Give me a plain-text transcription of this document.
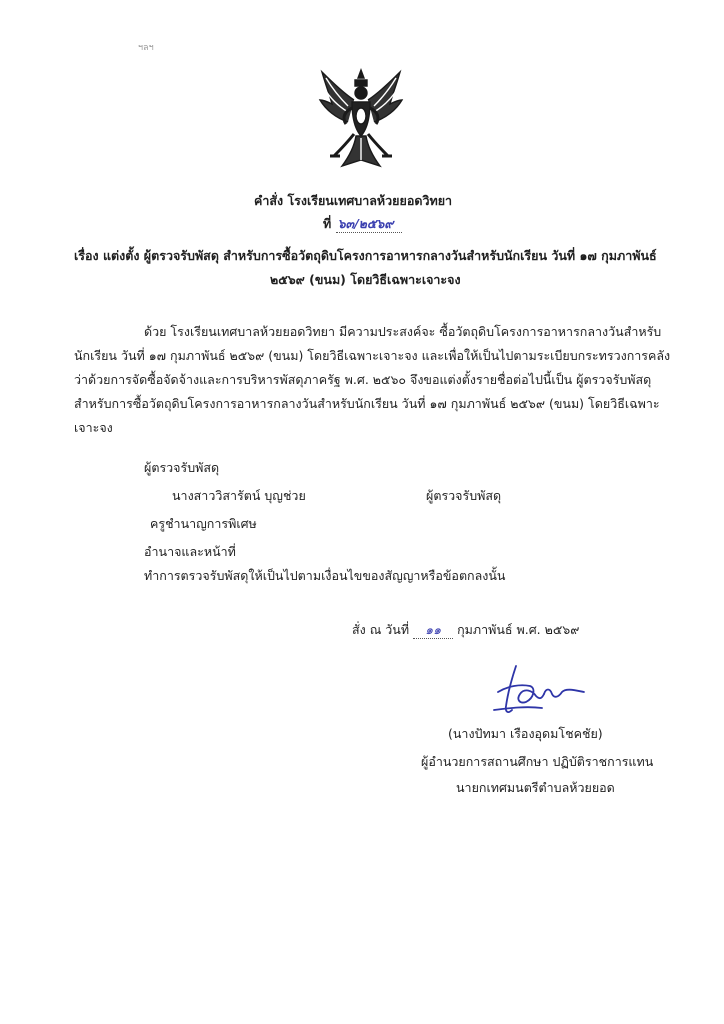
ฯลฯ
คำสั่ง โรงเรียนเทศบาลห้วยยอดวิทยา
ที่ ๖๓/๒๕๖๙
เรื่อง แต่งตั้ง ผู้ตรวจรับพัสดุ สำหรับการซื้อวัตถุดิบโครงการอาหารกลางวันสำหรับนักเรียน วันที่ ๑๗ กุมภาพันธ์
๒๕๖๙ (ขนม) โดยวิธีเฉพาะเจาะจง
ด้วย โรงเรียนเทศบาลห้วยยอดวิทยา มีความประสงค์จะ ซื้อวัตถุดิบโครงการอาหารกลางวันสำหรับ
นักเรียน วันที่ ๑๗ กุมภาพันธ์ ๒๕๖๙ (ขนม) โดยวิธีเฉพาะเจาะจง และเพื่อให้เป็นไปตามระเบียบกระทรวงการคลัง
ว่าด้วยการจัดซื้อจัดจ้างและการบริหารพัสดุภาครัฐ พ.ศ. ๒๕๖๐ จึงขอแต่งตั้งรายชื่อต่อไปนี้เป็น ผู้ตรวจรับพัสดุ
สำหรับการซื้อวัตถุดิบโครงการอาหารกลางวันสำหรับนักเรียน วันที่ ๑๗ กุมภาพันธ์ ๒๕๖๙ (ขนม) โดยวิธีเฉพาะ
เจาะจง
ผู้ตรวจรับพัสดุ
นางสาววิสารัตน์ บุญช่วย	ผู้ตรวจรับพัสดุ
ครูชำนาญการพิเศษ
อำนาจและหน้าที่
ทำการตรวจรับพัสดุให้เป็นไปตามเงื่อนไขของสัญญาหรือข้อตกลงนั้น
สั่ง ณ วันที่ ๑๑ กุมภาพันธ์ พ.ศ. ๒๕๖๙
(นางปัทมา เรืองอุดมโชคชัย)
ผู้อำนวยการสถานศึกษา ปฏิบัติราชการแทน
นายกเทศมนตรีตำบลห้วยยอด
